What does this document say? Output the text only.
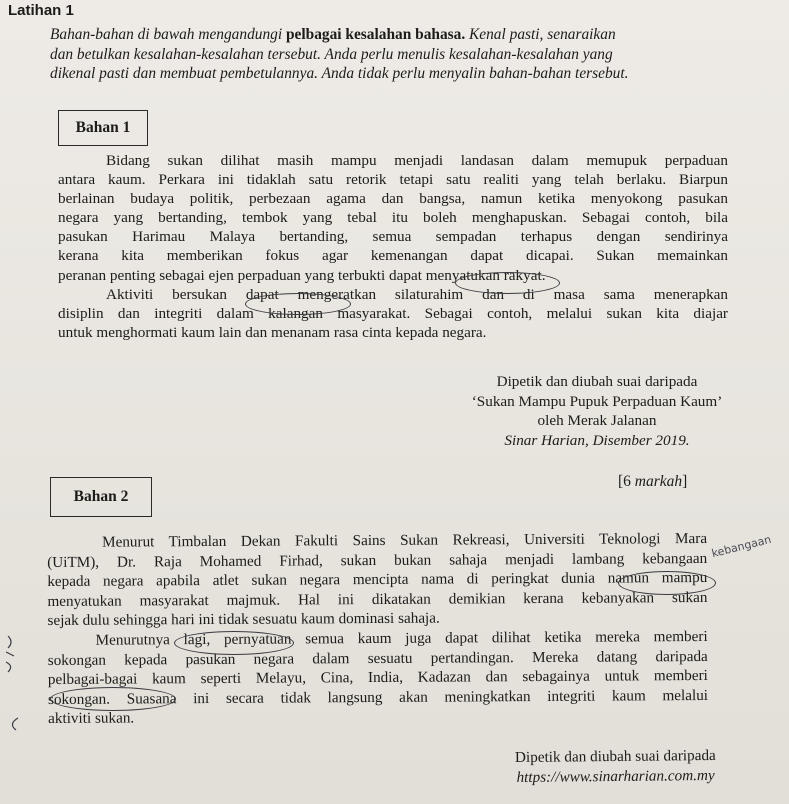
Latihan 1
Bahan-bahan di bawah mengandungi pelbagai kesalahan bahasa. Kenal pasti, senaraikan
dan betulkan kesalahan-kesalahan tersebut. Anda perlu menulis kesalahan-kesalahan yang
dikenal pasti dan membuat pembetulannya. Anda tidak perlu menyalin bahan-bahan tersebut.
Bahan 1
Bidang sukan dilihat masih mampu menjadi landasan dalam memupuk perpaduan
antara kaum. Perkara ini tidaklah satu retorik tetapi satu realiti yang telah berlaku. Biarpun
berlainan budaya politik, perbezaan agama dan bangsa, namun ketika menyokong pasukan
negara yang bertanding, tembok yang tebal itu boleh menghapuskan. Sebagai contoh, bila
pasukan Harimau Malaya bertanding, semua sempadan terhapus dengan sendirinya
kerana kita memberikan fokus agar kemenangan dapat dicapai. Sukan memainkan
peranan penting sebagai ejen perpaduan yang terbukti dapat menyatukan rakyat.
Aktiviti bersukan dapat mengeratkan silaturahim dan di masa sama menerapkan
disiplin dan integriti dalam kalangan masyarakat. Sebagai contoh, melalui sukan kita diajar
untuk menghormati kaum lain dan menanam rasa cinta kepada negara.
Dipetik dan diubah suai daripada
‘Sukan Mampu Pupuk Perpaduan Kaum’
oleh Merak Jalanan
Sinar Harian, Disember 2019.
[6 markah]
Bahan 2
Menurut Timbalan Dekan Fakulti Sains Sukan Rekreasi, Universiti Teknologi Mara
(UiTM), Dr. Raja Mohamed Firhad, sukan bukan sahaja menjadi lambang kebangaan
kepada negara apabila atlet sukan negara mencipta nama di peringkat dunia namun mampu
menyatukan masyarakat majmuk. Hal ini dikatakan demikian kerana kebanyakan sukan
sejak dulu sehingga hari ini tidak sesuatu kaum dominasi sahaja.
Menurutnya lagi, pernyatuan semua kaum juga dapat dilihat ketika mereka memberi
sokongan kepada pasukan negara dalam sesuatu pertandingan. Mereka datang daripada
pelbagai-bagai kaum seperti Melayu, Cina, India, Kadazan dan sebagainya untuk memberi
sokongan. Suasana ini secara tidak langsung akan meningkatkan integriti kaum melalui
aktiviti sukan.
Dipetik dan diubah suai daripada
https://www.sinarharian.com.my
kebangaan
